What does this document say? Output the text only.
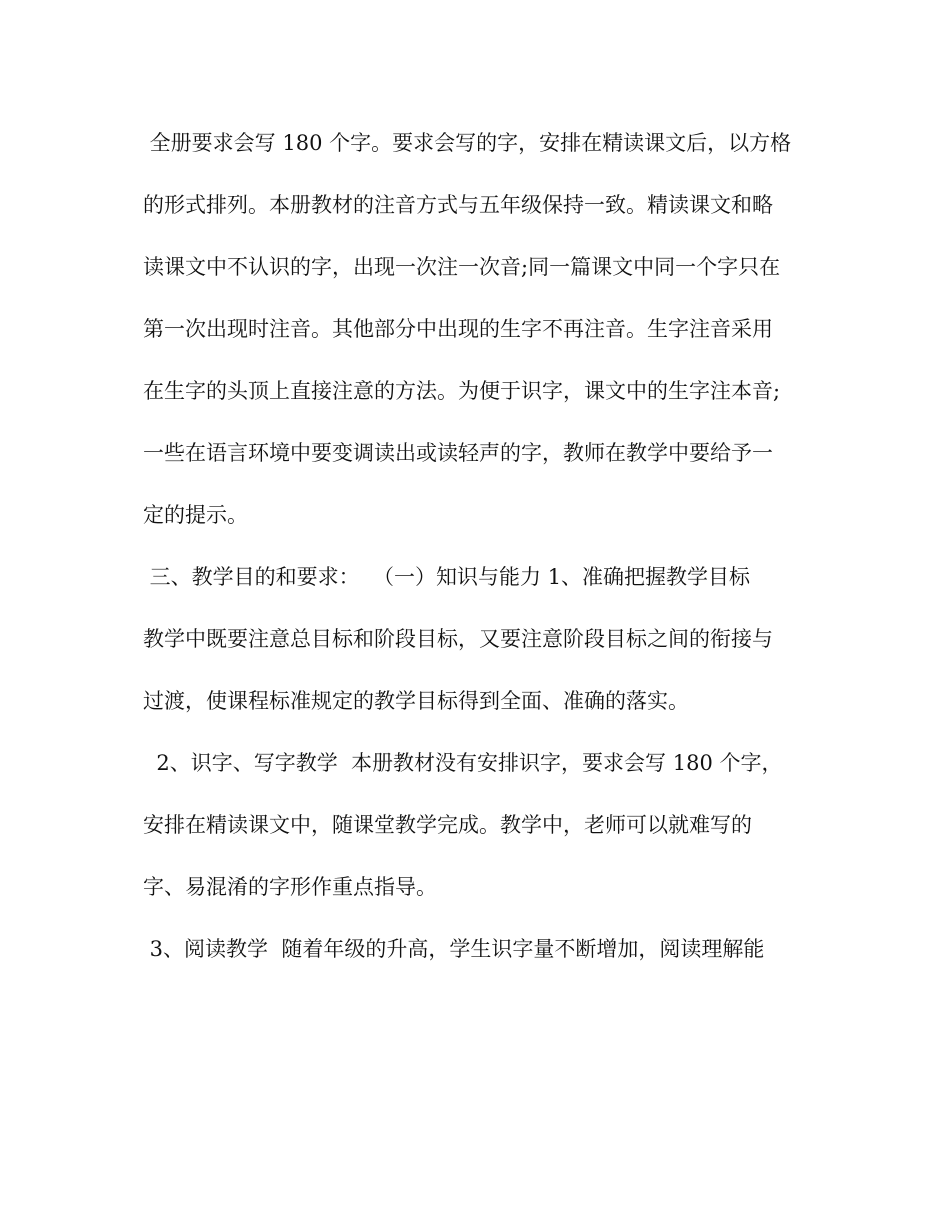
全册要求会写 180 个字。要求会写的字，安排在精读课文后，以方格
的形式排列。本册教材的注音方式与五年级保持一致。精读课文和略
读课文中不认识的字，出现一次注一次音;同一篇课文中同一个字只在
第一次出现时注音。其他部分中出现的生字不再注音。生字注音采用
在生字的头顶上直接注意的方法。为便于识字，课文中的生字注本音;
一些在语言环境中要变调读出或读轻声的字，教师在教学中要给予一
定的提示。
三、教学目的和要求：  （一）知识与能力 1、准确把握教学目标
教学中既要注意总目标和阶段目标，又要注意阶段目标之间的衔接与
过渡，使课程标准规定的教学目标得到全面、准确的落实。
2、识字、写字教学  本册教材没有安排识字，要求会写 180 个字，
安排在精读课文中，随课堂教学完成。教学中，老师可以就难写的
字、易混淆的字形作重点指导。
3、阅读教学  随着年级的升高，学生识字量不断增加，阅读理解能
